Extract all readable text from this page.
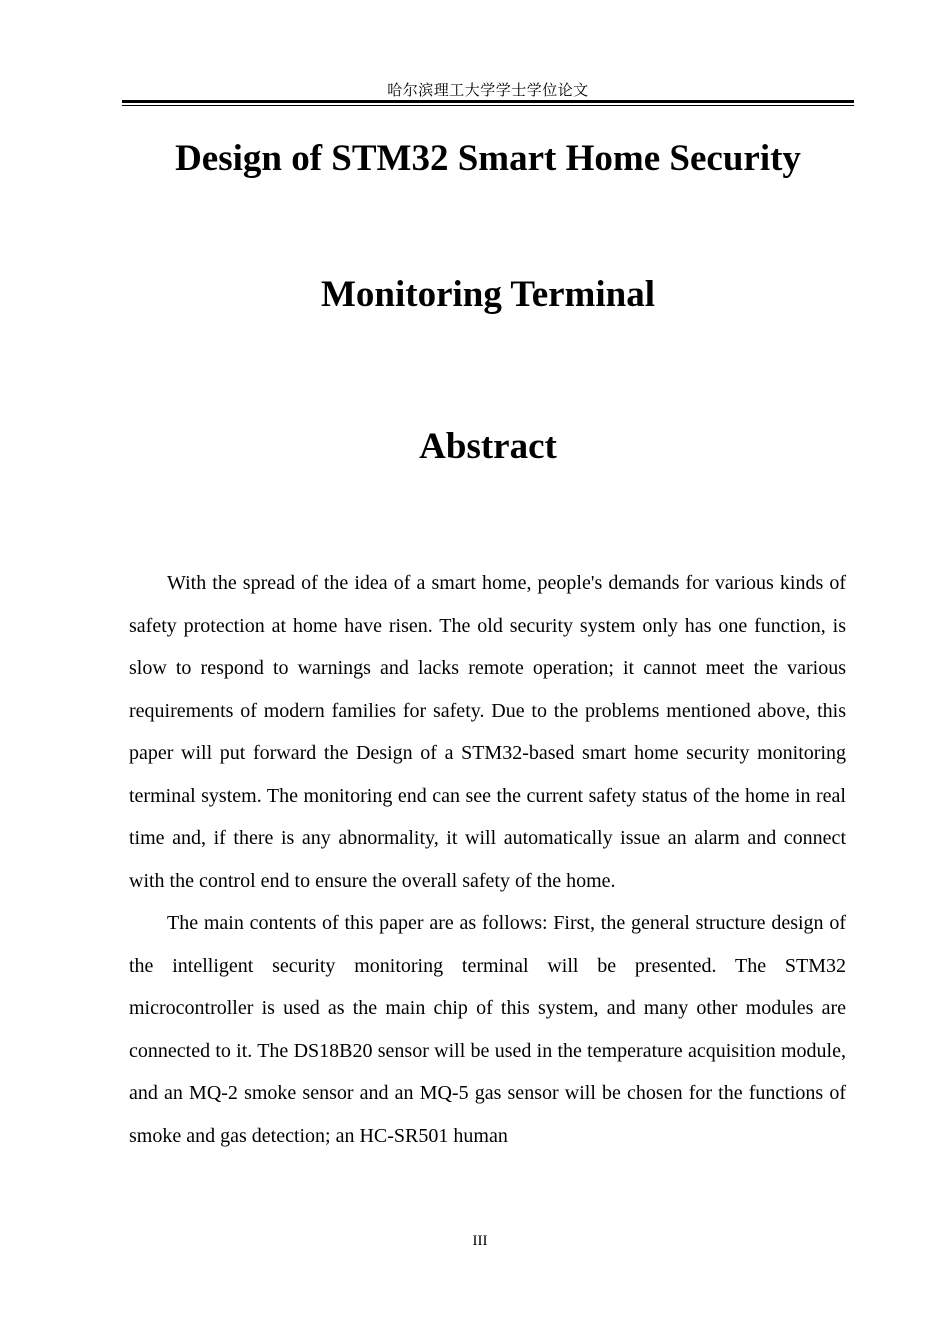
哈尔滨理工大学学士学位论文
Design of STM32 Smart Home Security
Monitoring Terminal
Abstract

With the spread of the idea of a smart home, people's demands for various kinds of safety protection at home have risen. The old security system only has one function, is slow to respond to warnings and lacks remote operation; it cannot meet the various requirements of modern families for safety. Due to the problems mentioned above, this paper will put forward the Design of a STM32-based smart home security monitoring terminal system. The monitoring end can see the current safety status of the home in real time and, if there is any abnormality, it will automatically issue an alarm and connect with the control end to ensure the overall safety of the home.

The main contents of this paper are as follows: First, the general structure design of the intelligent security monitoring terminal will be presented. The STM32 microcontroller is used as the main chip of this system, and many other modules are connected to it. The DS18B20 sensor will be used in the temperature acquisition module, and an MQ-2 smoke sensor and an MQ-5 gas sensor will be chosen for the functions of smoke and gas detection; an HC-SR501 human

III
